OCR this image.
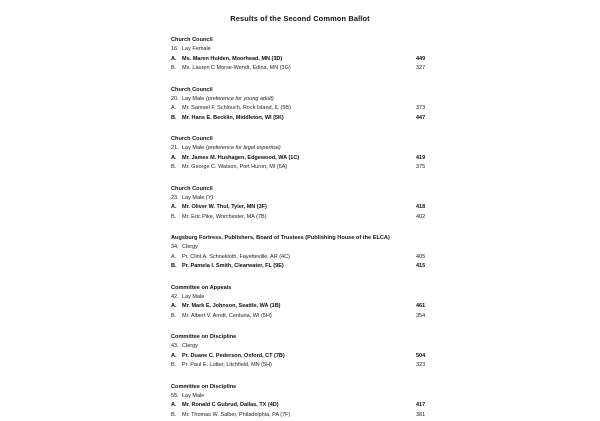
Results of the Second Common Ballot
Church Council
16. Lay Female
A.	Ms. Maren Hulden, Moorhead, MN (3D)	449
B.	Ms. Lauren C Morse-Wendt, Edina, MN (3G)	327
Church Council
20. Lay Male (preference for young adult)
A.	Mr. Samuel F. Schlouch, Rock Island, IL (5B)	373
B.	Mr. Hans E. Becklin, Middleton, WI (5K)	447
Church Council
21. Lay Male (preference for legal expertise)
A.	Mr. James M. Hushagen, Edgewood, WA (1C)	419
B.	Mr. George C. Watson, Port Huron, MI (6A)	375
Church Council
23. Lay Male (Y)
A.	Mr. Oliver W. Thul, Tyler, MN (3F)	418
B.	Mr. Eric Pike, Worchester, MA (7B)	402
Augsburg Fortress, Publishers, Board of Trustees (Publishing House of the ELCA)
34. Clergy
A.	Pr. Clint A. Schnekloth, Fayetteville, AR (4C)	405
B.	Pr. Pamela I. Smith, Clearwater, FL (9E)	415
Committee on Appeals
42. Lay Male
A.	Mr. Mark E. Johnson, Seattle, WA (1B)	461
B.	Mr. Albert V. Arndt, Centuria, WI (5H)	354
Committee on Discipline
43. Clergy
A.	Pr. Duane C. Pederson, Oxford, CT (7B)	504
B.	Pr. Paul E. Lutter, Litchfield, MN (5H)	323
Committee on Discipline
55. Lay Male
A.	Mr. Ronald C Gubrud, Dallas, TX (4D)	417
B.	Mr. Thomas W. Salber, Philadelphia, PA (7F)	381
